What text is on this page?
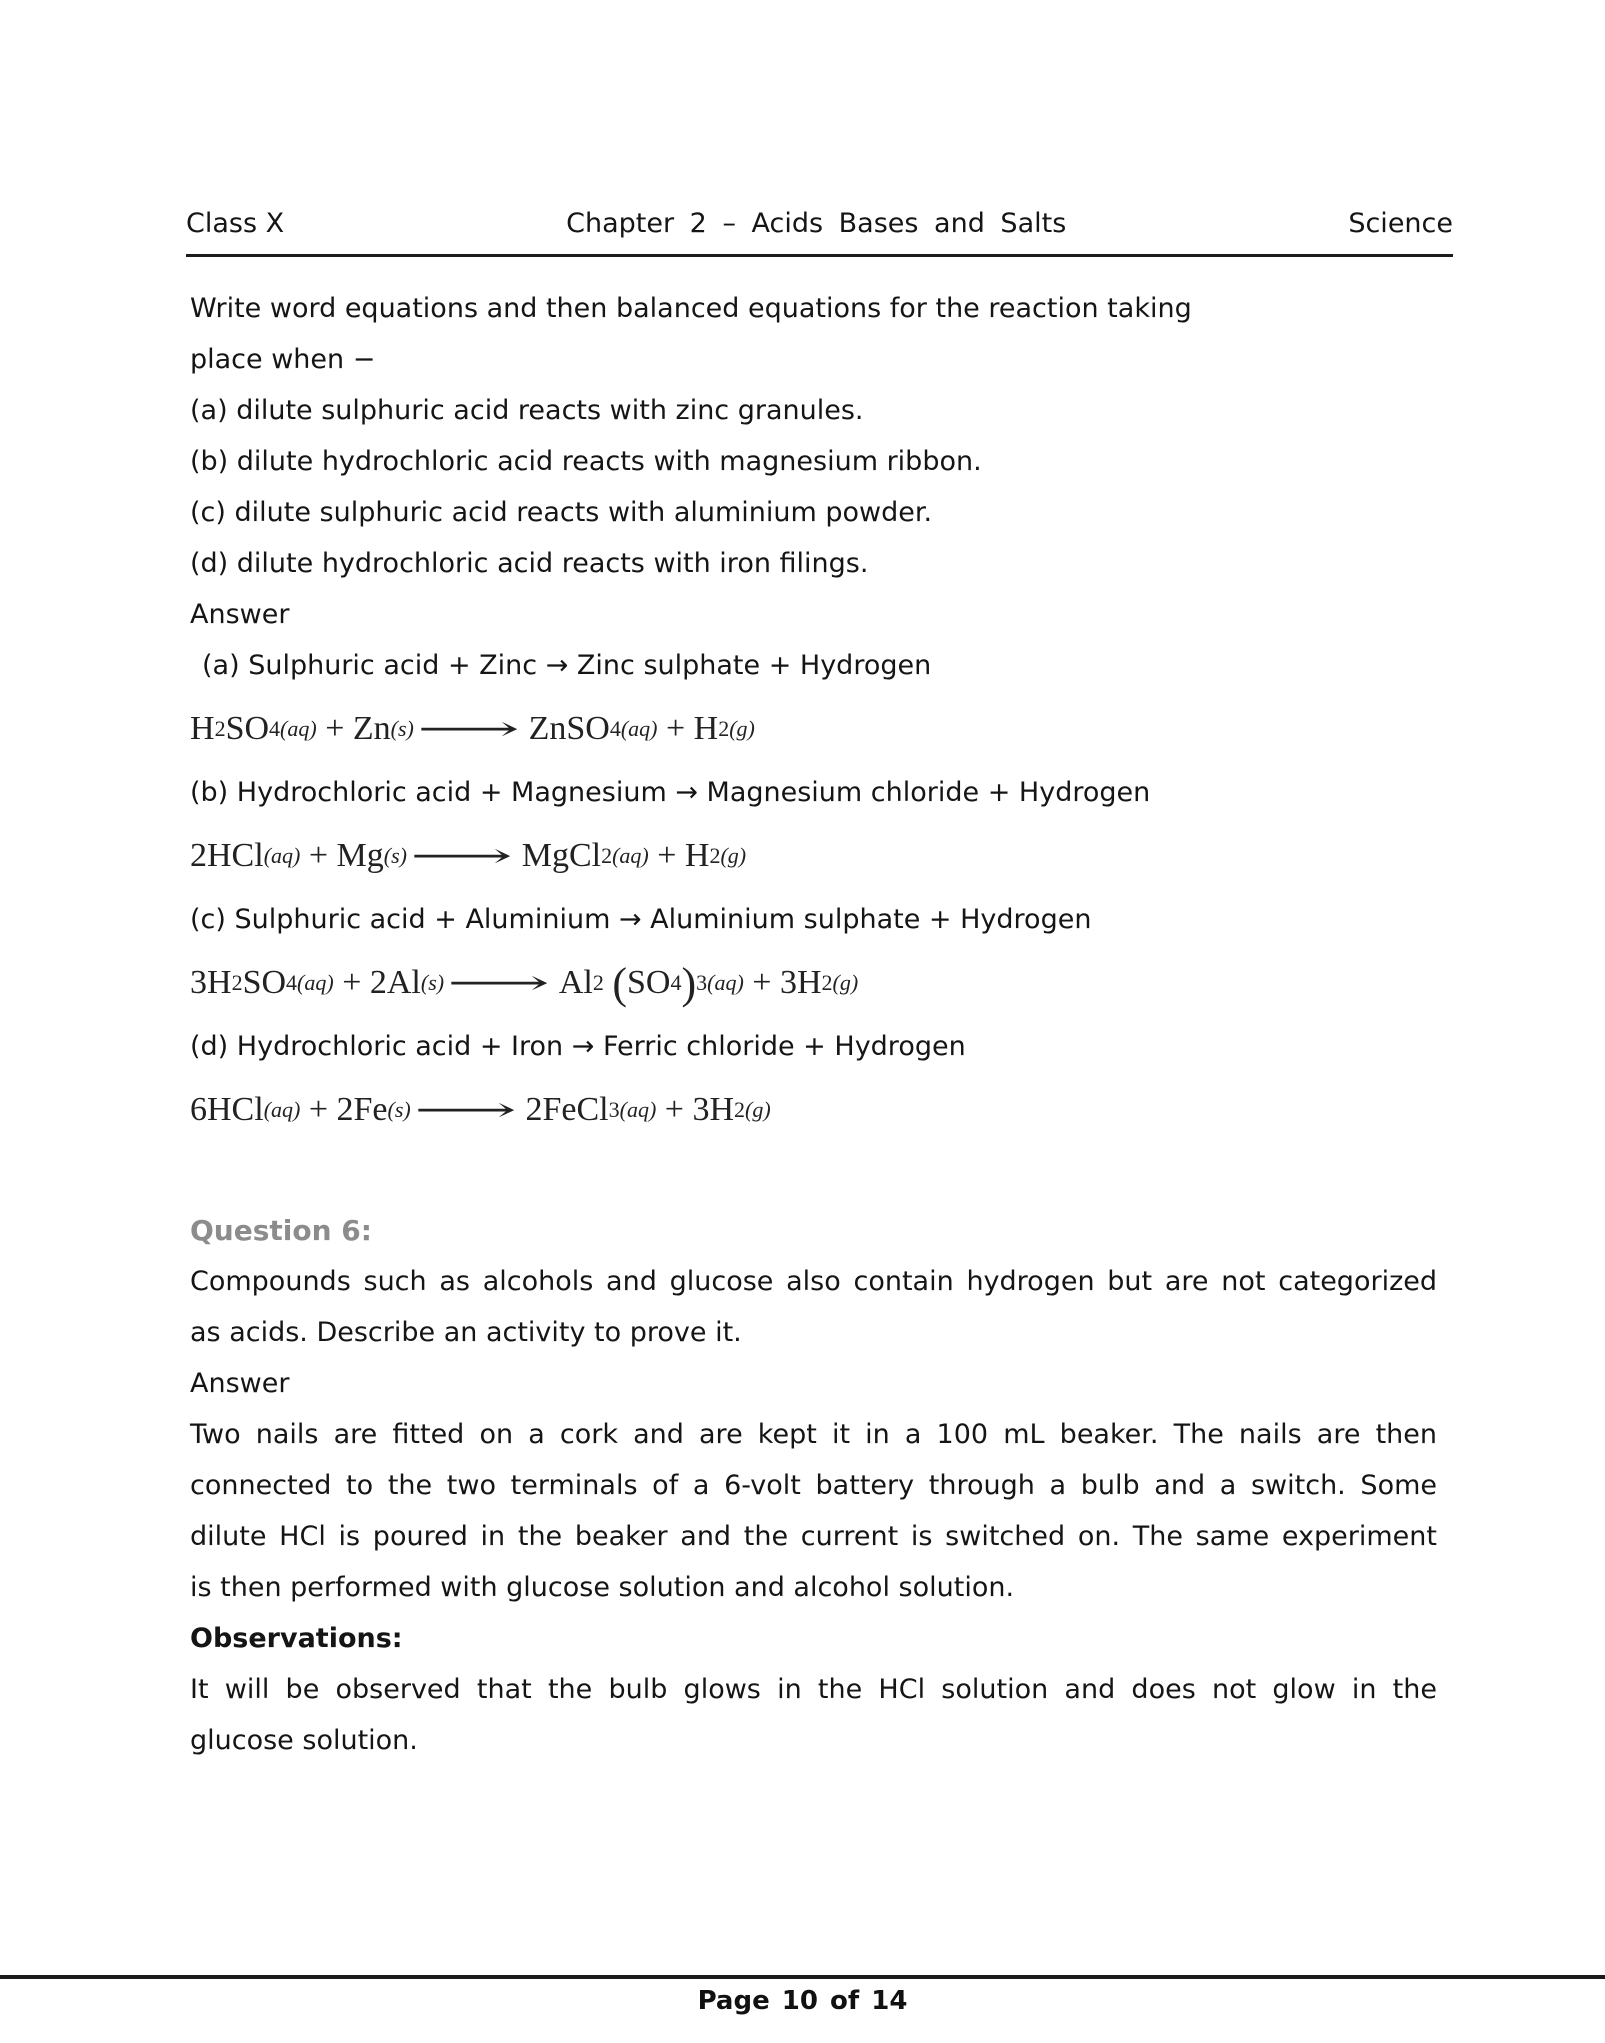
Class X	Chapter 2 – Acids Bases and Salts	Science
Write word equations and then balanced equations for the reaction taking
place when −
(a) dilute sulphuric acid reacts with zinc granules.
(b) dilute hydrochloric acid reacts with magnesium ribbon.
(c) dilute sulphuric acid reacts with aluminium powder.
(d) dilute hydrochloric acid reacts with iron filings.
Answer
(a) Sulphuric acid + Zinc → Zinc sulphate + Hydrogen
H 2 SO 4 (aq) + Zn (s) ⟶ ZnSO 4 (aq) + H 2 (g)
(b) Hydrochloric acid + Magnesium → Magnesium chloride + Hydrogen
2HCl (aq) + Mg (s) ⟶ MgCl 2 (aq) + H 2 (g)
(c) Sulphuric acid + Aluminium → Aluminium sulphate + Hydrogen
3H 2 SO 4 (aq) + 2Al (s) ⟶ Al 2
( SO 4 ) 3 (aq) + 3H 2 (g)
(d) Hydrochloric acid + Iron → Ferric chloride + Hydrogen
6HCl (aq) + 2Fe (s) ⟶ 2FeCl 3 (aq) + 3H 2 (g)
Question 6:
Compounds such as alcohols and glucose also contain hydrogen but are not categorized
as acids. Describe an activity to prove it.
Answer
Two nails are fitted on a cork and are kept it in a 100 mL beaker. The nails are then
connected to the two terminals of a 6-volt battery through a bulb and a switch. Some
dilute HCl is poured in the beaker and the current is switched on. The same experiment
is then performed with glucose solution and alcohol solution.
Observations:
It will be observed that the bulb glows in the HCl solution and does not glow in the
glucose solution.
Page 10 of 14
